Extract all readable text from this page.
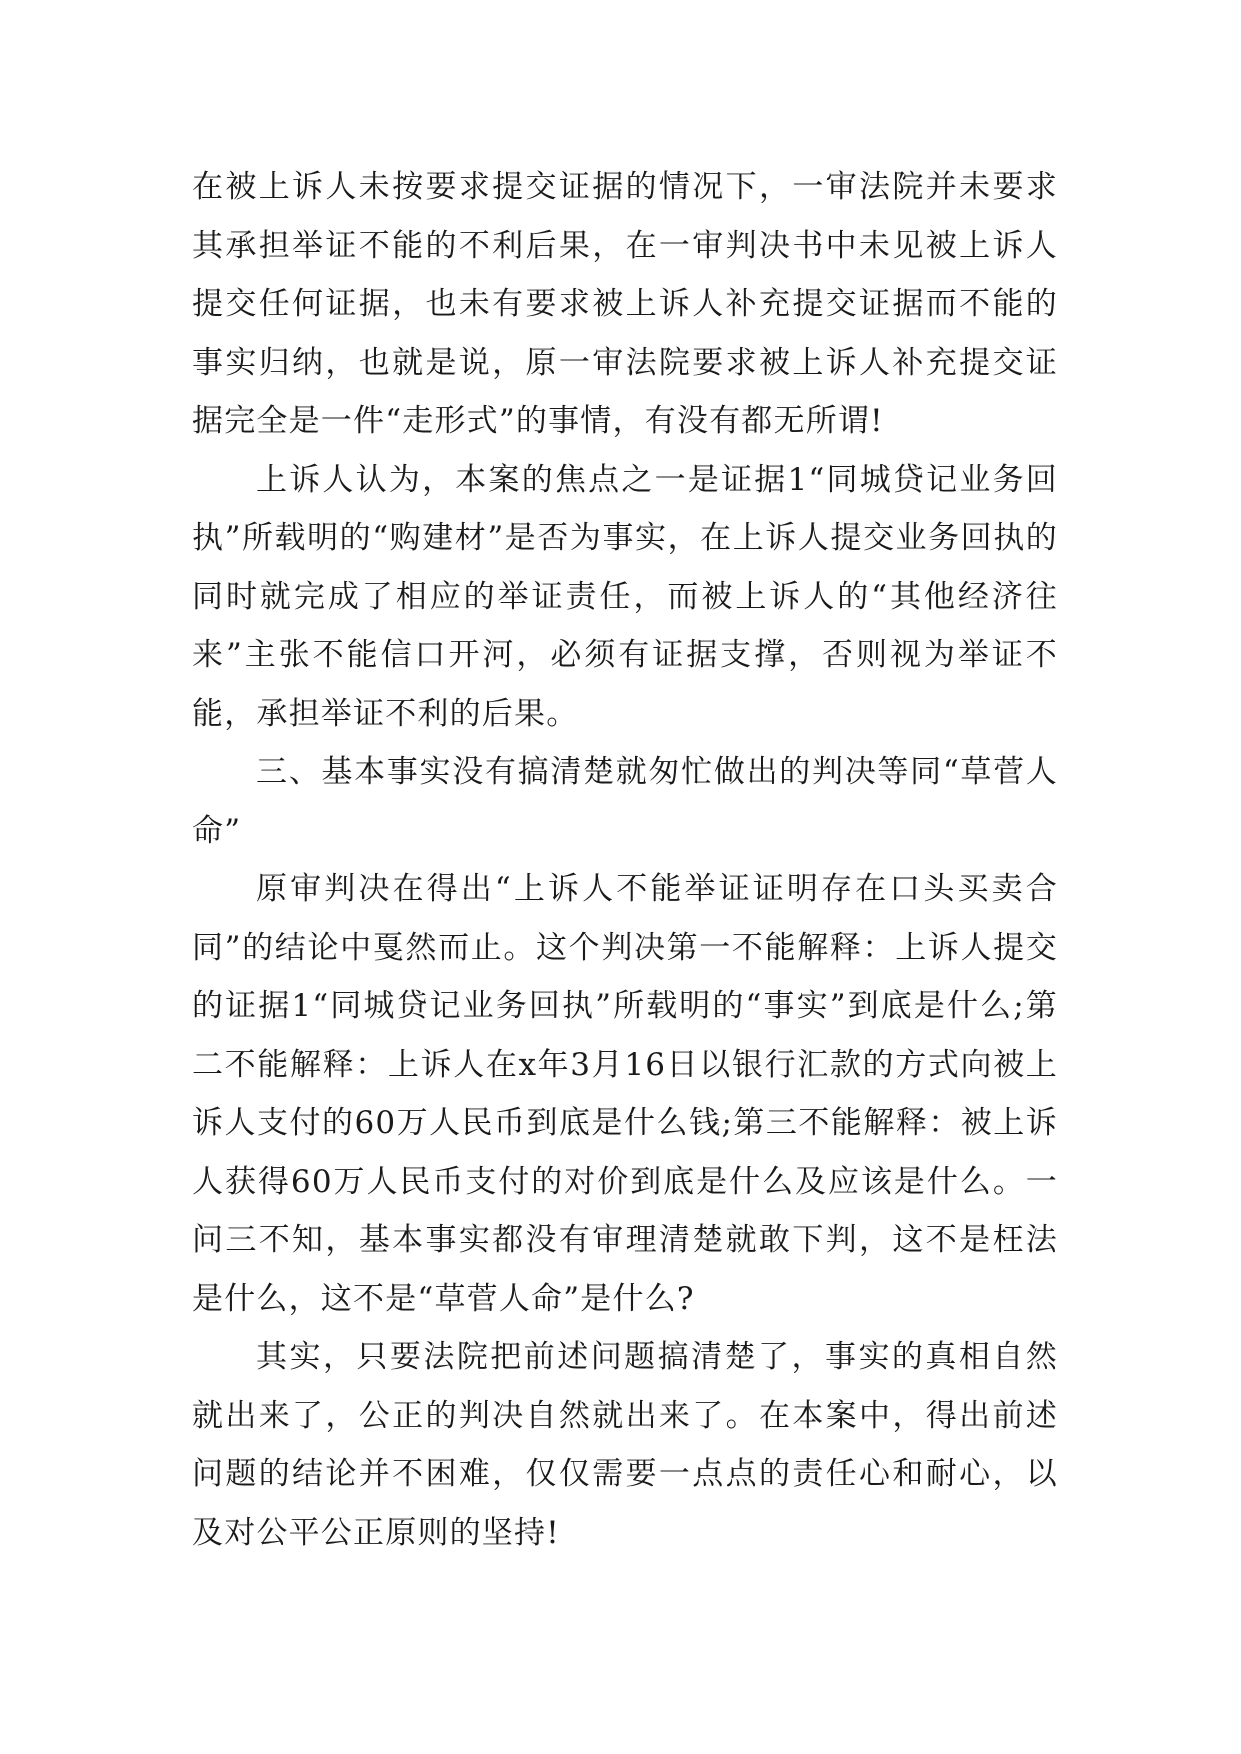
在被上诉人未按要求提交证据的情况下，一审法院并未要求其承担举证不能的不利后果，在一审判决书中未见被上诉人提交任何证据，也未有要求被上诉人补充提交证据而不能的事实归纳，也就是说，原一审法院要求被上诉人补充提交证据完全是一件“走形式”的事情，有没有都无所谓!

上诉人认为，本案的焦点之一是证据1“同城贷记业务回执”所载明的“购建材”是否为事实，在上诉人提交业务回执的同时就完成了相应的举证责任，而被上诉人的“其他经济往来”主张不能信口开河，必须有证据支撑，否则视为举证不能，承担举证不利的后果。

三、基本事实没有搞清楚就匆忙做出的判决等同“草菅人命”

原审判决在得出“上诉人不能举证证明存在口头买卖合同”的结论中戛然而止。这个判决第一不能解释：上诉人提交的证据1“同城贷记业务回执”所载明的“事实”到底是什么;第二不能解释：上诉人在x年3月16日以银行汇款的方式向被上诉人支付的60万人民币到底是什么钱;第三不能解释：被上诉人获得60万人民币支付的对价到底是什么及应该是什么。一问三不知，基本事实都没有审理清楚就敢下判，这不是枉法是什么，这不是“草菅人命”是什么?

其实，只要法院把前述问题搞清楚了，事实的真相自然就出来了，公正的判决自然就出来了。在本案中，得出前述问题的结论并不困难，仅仅需要一点点的责任心和耐心，以及对公平公正原则的坚持!
